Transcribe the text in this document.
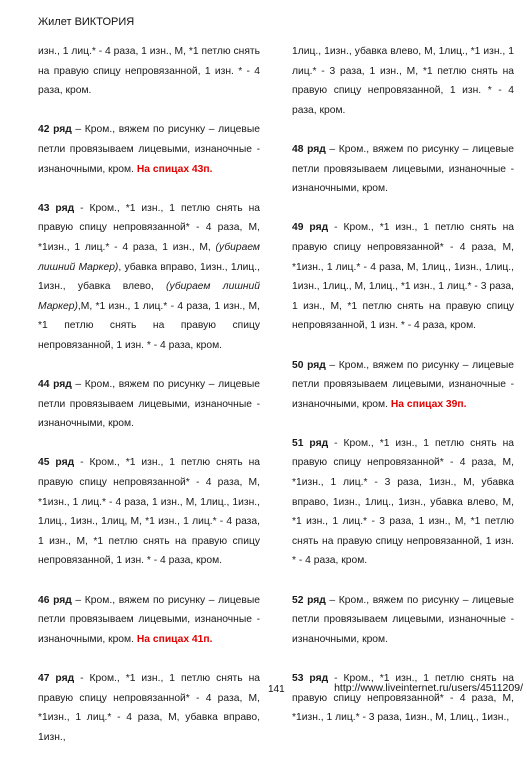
Жилет ВИКТОРИЯ

изн., 1 лиц.* - 4 раза, 1 изн., М, *1 петлю снять на правую спицу непровязанной, 1 изн. * - 4 раза, кром.

42 ряд – Кром., вяжем по рисунку – лицевые петли провязываем лицевыми, изнаночные - изнаночными, кром. На спицах 43п.

43 ряд - Кром., *1 изн., 1 петлю снять на правую спицу непровязанной* - 4 раза, М, *1изн., 1 лиц.* - 4 раза, 1 изн., М, (убираем лишний Маркер), убавка вправо, 1изн., 1лиц., 1изн., убавка влево, (убираем лишний Маркер),М, *1 изн., 1 лиц.* - 4 раза, 1 изн., М, *1 петлю снять на правую спицу непровязанной, 1 изн. * - 4 раза, кром.

44 ряд – Кром., вяжем по рисунку – лицевые петли провязываем лицевыми, изнаночные - изнаночными, кром.

45 ряд - Кром., *1 изн., 1 петлю снять на правую спицу непровязанной* - 4 раза, М, *1изн., 1 лиц.* - 4 раза, 1 изн., М, 1лиц., 1изн., 1лиц., 1изн., 1лиц, М, *1 изн., 1 лиц.* - 4 раза, 1 изн., М, *1 петлю снять на правую спицу непровязанной, 1 изн. * - 4 раза, кром.

46 ряд – Кром., вяжем по рисунку – лицевые петли провязываем лицевыми, изнаночные - изнаночными, кром. На спицах 41п.

47 ряд - Кром., *1 изн., 1 петлю снять на правую спицу непровязанной* - 4 раза, М, *1изн., 1 лиц.* - 4 раза, М, убавка вправо, 1изн.,

1лиц., 1изн., убавка влево, М, 1лиц., *1 изн., 1 лиц.* - 3 раза, 1 изн., М, *1 петлю снять на правую спицу непровязанной, 1 изн. * - 4 раза, кром.

48 ряд – Кром., вяжем по рисунку – лицевые петли провязываем лицевыми, изнаночные - изнаночными, кром.

49 ряд - Кром., *1 изн., 1 петлю снять на правую спицу непровязанной* - 4 раза, М, *1изн., 1 лиц.* - 4 раза, М, 1лиц., 1изн., 1лиц., 1изн., 1лиц., М, 1лиц., *1 изн., 1 лиц.* - 3 раза, 1 изн., М, *1 петлю снять на правую спицу непровязанной, 1 изн. * - 4 раза, кром.

50 ряд – Кром., вяжем по рисунку – лицевые петли провязываем лицевыми, изнаночные - изнаночными, кром. На спицах 39п.

51 ряд - Кром., *1 изн., 1 петлю снять на правую спицу непровязанной* - 4 раза, М, *1изн., 1 лиц.* - 3 раза, 1изн., М, убавка вправо, 1изн., 1лиц., 1изн., убавка влево, М, *1 изн., 1 лиц.* - 3 раза, 1 изн., М, *1 петлю снять на правую спицу непровязанной, 1 изн. * - 4 раза, кром.

52 ряд – Кром., вяжем по рисунку – лицевые петли провязываем лицевыми, изнаночные - изнаночными, кром.

53 ряд - Кром., *1 изн., 1 петлю снять на правую спицу непровязанной* - 4 раза, М, *1изн., 1 лиц.* - 3 раза, 1изн., М, 1лиц., 1изн.,

141	http://www.liveinternet.ru/users/4511209/
